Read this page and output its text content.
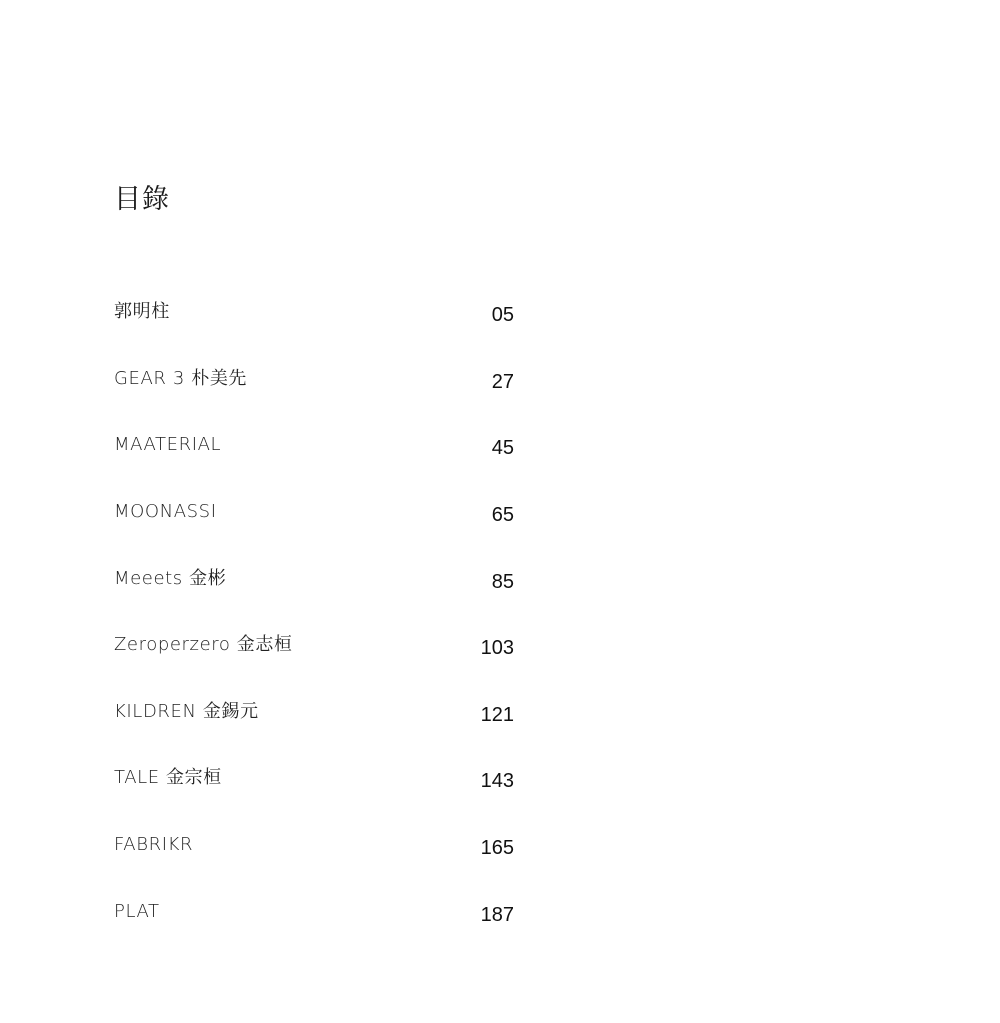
目錄
郭明柱	05
GEAR 3 朴美先	27
MAATERIAL	45
MOONASSI	65
Meeets 金彬	85
Zeroperzero 金志桓	103
KILDREN 金錫元	121
TALE 金宗桓	143
FABRIKR	165
PLAT	187
